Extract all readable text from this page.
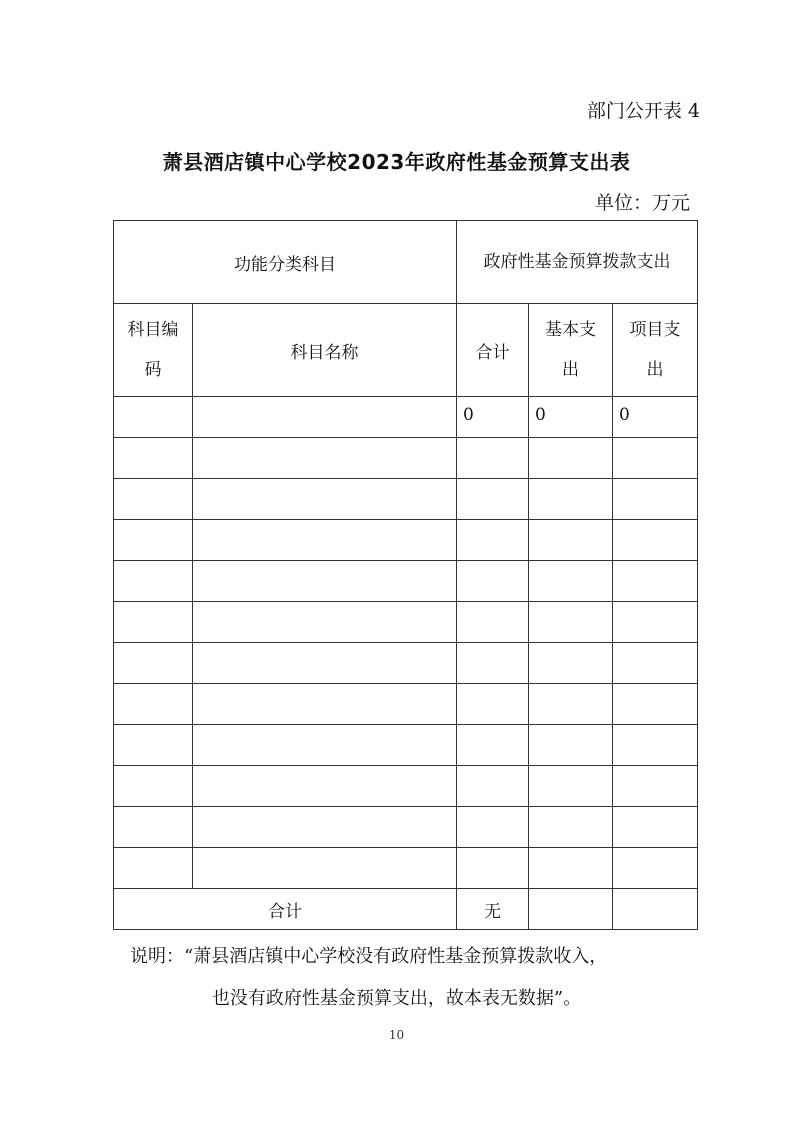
部门公开表 4
萧县酒店镇中心学校2023年政府性基金预算支出表
单位：万元
功能分类科目		政府性基金预算拨款支出		
科目编码	科目名称	合计	基本支出	项目支出
		0	0	0

合计		无		
说明：“萧县酒店镇中心学校没有政府性基金预算拨款收入，
也没有政府性基金预算支出，故本表无数据”。
10
